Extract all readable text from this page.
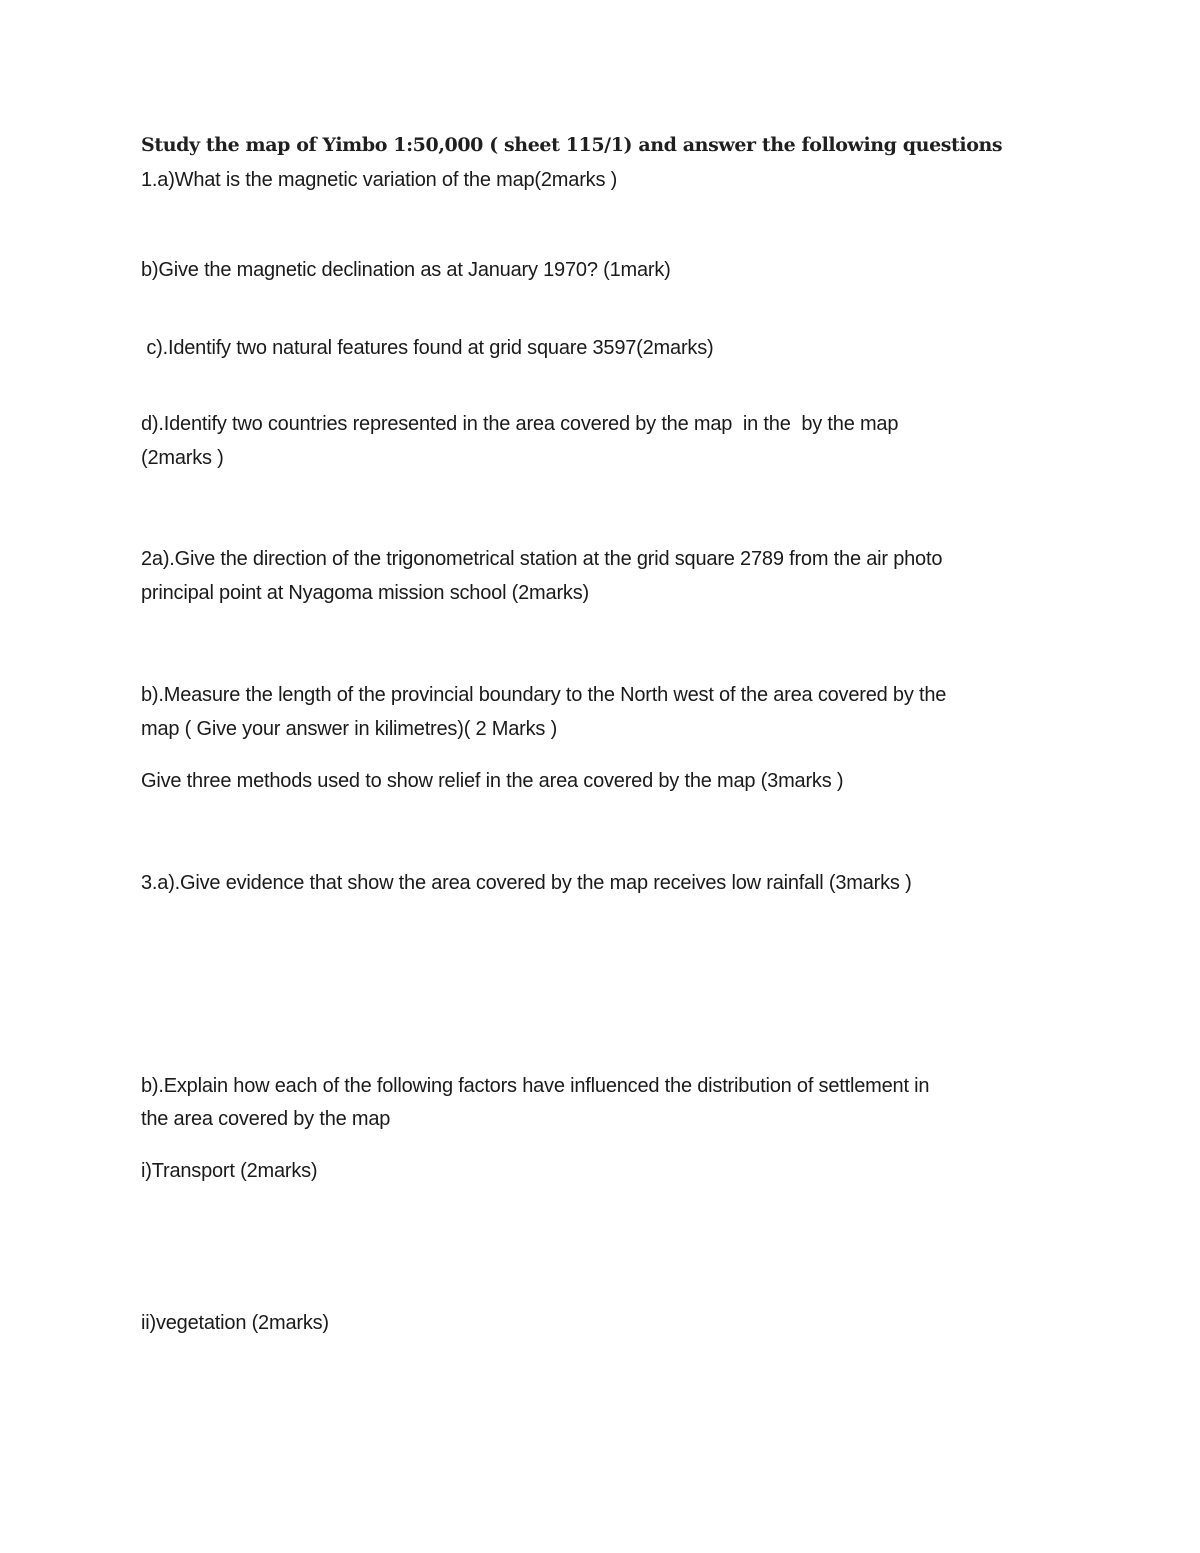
Study the map of Yimbo 1:50,000 ( sheet 115/1) and answer the following questions
1.a)What is the magnetic variation of the map(2marks )
b)Give the magnetic declination as at January 1970? (1mark)
c).Identify two natural features found at grid square 3597(2marks)
d).Identify two countries represented in the area covered by the map  in the  by the map
(2marks )
2a).Give the direction of the trigonometrical station at the grid square 2789 from the air photo
principal point at Nyagoma mission school (2marks)
b).Measure the length of the provincial boundary to the North west of the area covered by the
map ( Give your answer in kilimetres)( 2 Marks )
Give three methods used to show relief in the area covered by the map (3marks )
3.a).Give evidence that show the area covered by the map receives low rainfall (3marks )
b).Explain how each of the following factors have influenced the distribution of settlement in
the area covered by the map
i)Transport (2marks)
ii)vegetation (2marks)
